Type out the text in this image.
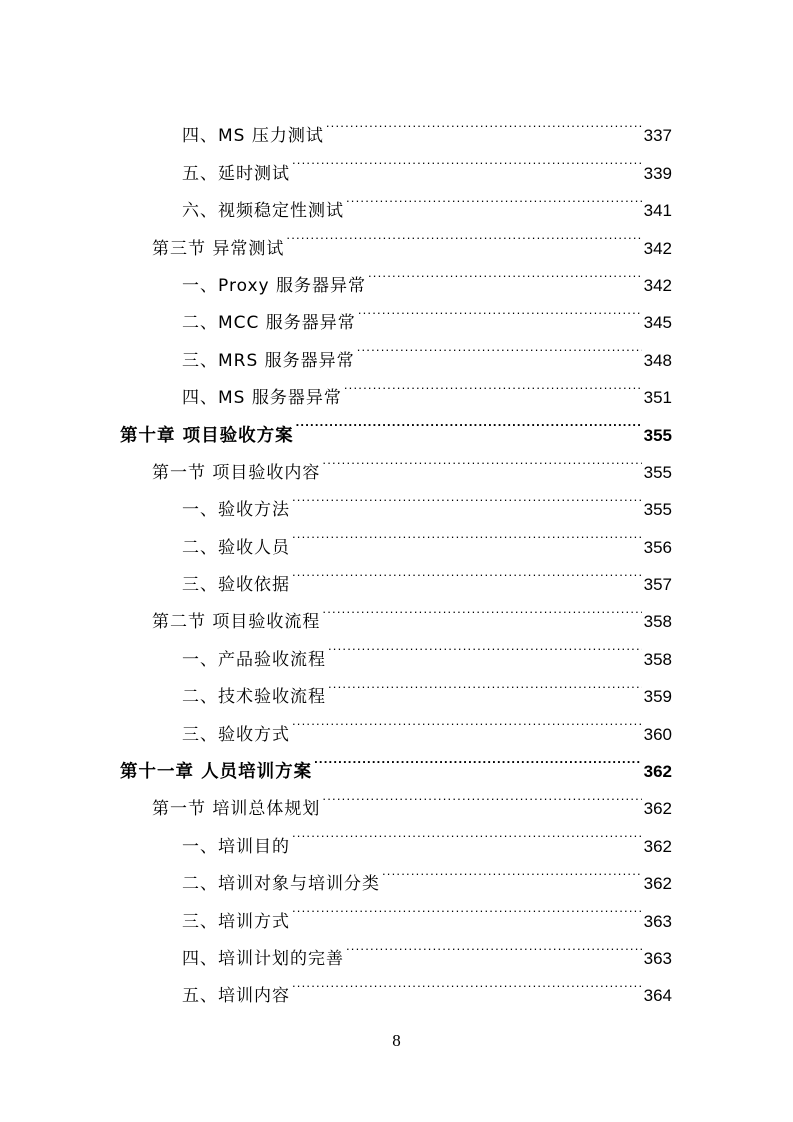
四、MS 压力测试 .....	337
五、延时测试 .....	339
六、视频稳定性测试 .....	341
第三节 异常测试 .....	342
一、Proxy 服务器异常 .....	342
二、MCC 服务器异常 .....	345
三、MRS 服务器异常 .....	348
四、MS 服务器异常 .....	351
第十章 项目验收方案 .....	355
第一节 项目验收内容 .....	355
一、验收方法 .....	355
二、验收人员 .....	356
三、验收依据 .....	357
第二节 项目验收流程 .....	358
一、产品验收流程 .....	358
二、技术验收流程 .....	359
三、验收方式 .....	360
第十一章 人员培训方案 .....	362
第一节 培训总体规划 .....	362
一、培训目的 .....	362
二、培训对象与培训分类 .....	362
三、培训方式 .....	363
四、培训计划的完善 .....	363
五、培训内容 .....	364
8
